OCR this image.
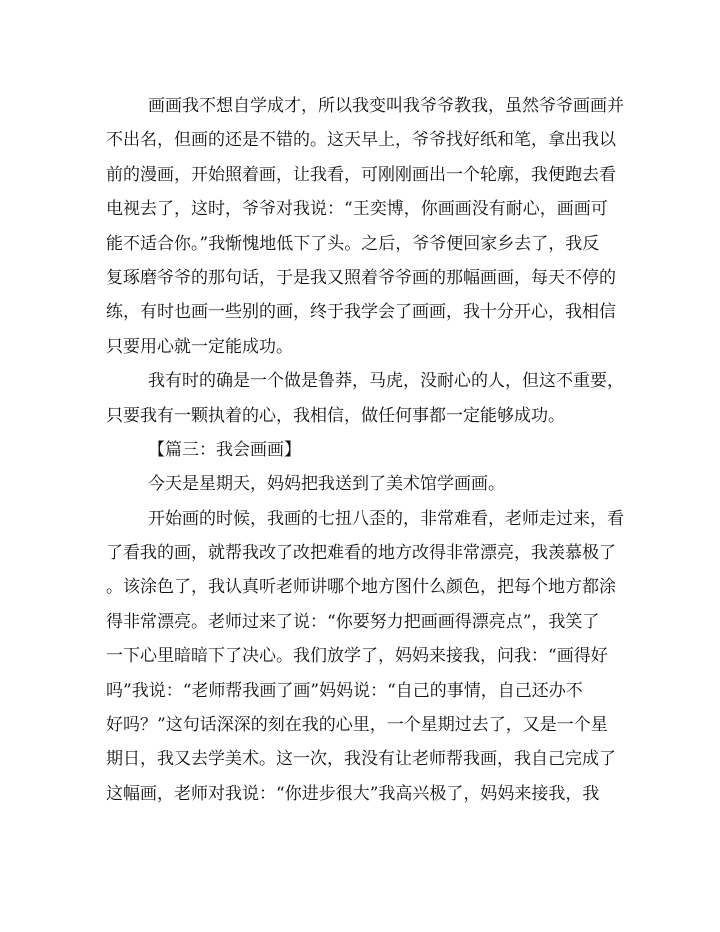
画画我不想自学成才，所以我变叫我爷爷教我，虽然爷爷画画并
不出名，但画的还是不错的。这天早上，爷爷找好纸和笔，拿出我以
前的漫画，开始照着画，让我看，可刚刚画出一个轮廓，我便跑去看
电视去了，这时，爷爷对我说：“王奕博，你画画没有耐心，画画可
能不适合你。”我惭愧地低下了头。之后，爷爷便回家乡去了，我反
复琢磨爷爷的那句话，于是我又照着爷爷画的那幅画画，每天不停的
练，有时也画一些别的画，终于我学会了画画，我十分开心，我相信
只要用心就一定能成功。
我有时的确是一个做是鲁莽，马虎，没耐心的人，但这不重要，
只要我有一颗执着的心，我相信，做任何事都一定能够成功。
【篇三：我会画画】
今天是星期天，妈妈把我送到了美术馆学画画。
开始画的时候，我画的七扭八歪的，非常难看，老师走过来，看
了看我的画，就帮我改了改把难看的地方改得非常漂亮，我羡慕极了
。该涂色了，我认真听老师讲哪个地方图什么颜色，把每个地方都涂
得非常漂亮。老师过来了说：“你要努力把画画得漂亮点”，我笑了
一下心里暗暗下了决心。我们放学了，妈妈来接我，问我：“画得好
吗”我说：“老师帮我画了画”妈妈说：“自己的事情，自己还办不
好吗？”这句话深深的刻在我的心里，一个星期过去了，又是一个星
期日，我又去学美术。这一次，我没有让老师帮我画，我自己完成了
这幅画，老师对我说：“你进步很大”我高兴极了，妈妈来接我，我
